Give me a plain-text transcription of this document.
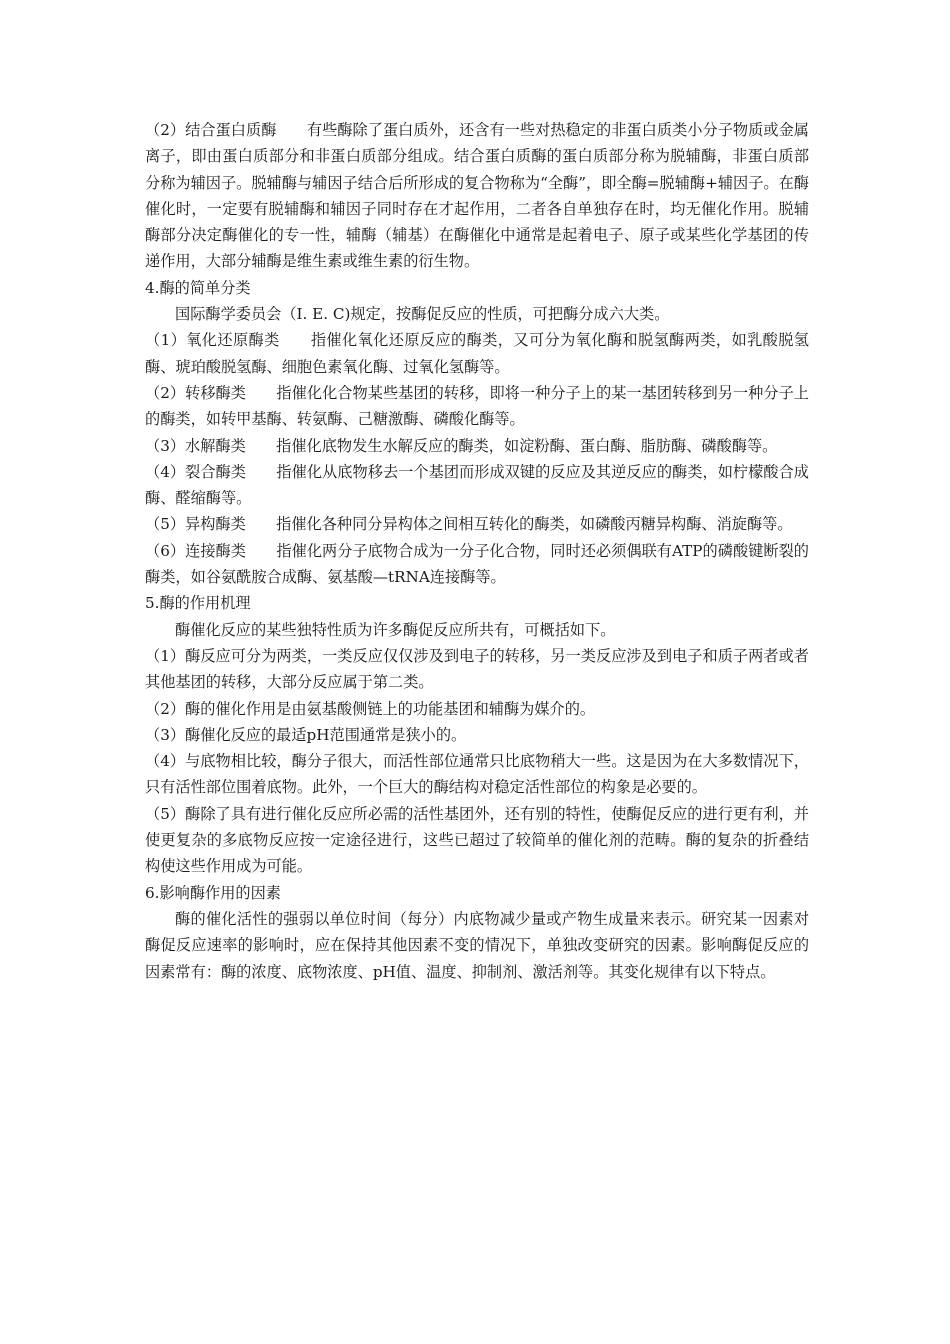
（2）结合蛋白质酶　　有些酶除了蛋白质外，还含有一些对热稳定的非蛋白质类小分子物质或金属离子，即由蛋白质部分和非蛋白质部分组成。结合蛋白质酶的蛋白质部分称为脱辅酶，非蛋白质部分称为辅因子。脱辅酶与辅因子结合后所形成的复合物称为“全酶”，即全酶=脱辅酶+辅因子。在酶催化时，一定要有脱辅酶和辅因子同时存在才起作用，二者各自单独存在时，均无催化作用。脱辅酶部分决定酶催化的专一性，辅酶（辅基）在酶催化中通常是起着电子、原子或某些化学基团的传递作用，大部分辅酶是维生素或维生素的衍生物。

4.酶的简单分类

国际酶学委员会（I. E. C)规定，按酶促反应的性质，可把酶分成六大类。

（1）氧化还原酶类　　指催化氧化还原反应的酶类，又可分为氧化酶和脱氢酶两类，如乳酸脱氢酶、琥珀酸脱氢酶、细胞色素氧化酶、过氧化氢酶等。

（2）转移酶类　　指催化化合物某些基团的转移，即将一种分子上的某一基团转移到另一种分子上的酶类，如转甲基酶、转氨酶、己糖激酶、磷酸化酶等。

（3）水解酶类　　指催化底物发生水解反应的酶类，如淀粉酶、蛋白酶、脂肪酶、磷酸酶等。

（4）裂合酶类　　指催化从底物移去一个基团而形成双键的反应及其逆反应的酶类，如柠檬酸合成酶、醛缩酶等。

（5）异构酶类　　指催化各种同分异构体之间相互转化的酶类，如磷酸丙糖异构酶、消旋酶等。

（6）连接酶类　　指催化两分子底物合成为一分子化合物，同时还必须偶联有ATP的磷酸键断裂的酶类，如谷氨酰胺合成酶、氨基酸—tRNA连接酶等。

5.酶的作用机理

酶催化反应的某些独特性质为许多酶促反应所共有，可概括如下。

（1）酶反应可分为两类，一类反应仅仅涉及到电子的转移，另一类反应涉及到电子和质子两者或者其他基团的转移，大部分反应属于第二类。

（2）酶的催化作用是由氨基酸侧链上的功能基团和辅酶为媒介的。

（3）酶催化反应的最适pH范围通常是狭小的。

（4）与底物相比较，酶分子很大，而活性部位通常只比底物稍大一些。这是因为在大多数情况下，只有活性部位围着底物。此外，一个巨大的酶结构对稳定活性部位的构象是必要的。

（5）酶除了具有进行催化反应所必需的活性基团外，还有别的特性，使酶促反应的进行更有利，并使更复杂的多底物反应按一定途径进行，这些已超过了较简单的催化剂的范畴。酶的复杂的折叠结构使这些作用成为可能。

6.影响酶作用的因素

酶的催化活性的强弱以单位时间（每分）内底物减少量或产物生成量来表示。研究某一因素对酶促反应速率的影响时，应在保持其他因素不变的情况下，单独改变研究的因素。影响酶促反应的因素常有：酶的浓度、底物浓度、pH值、温度、抑制剂、激活剂等。其变化规律有以下特点。
